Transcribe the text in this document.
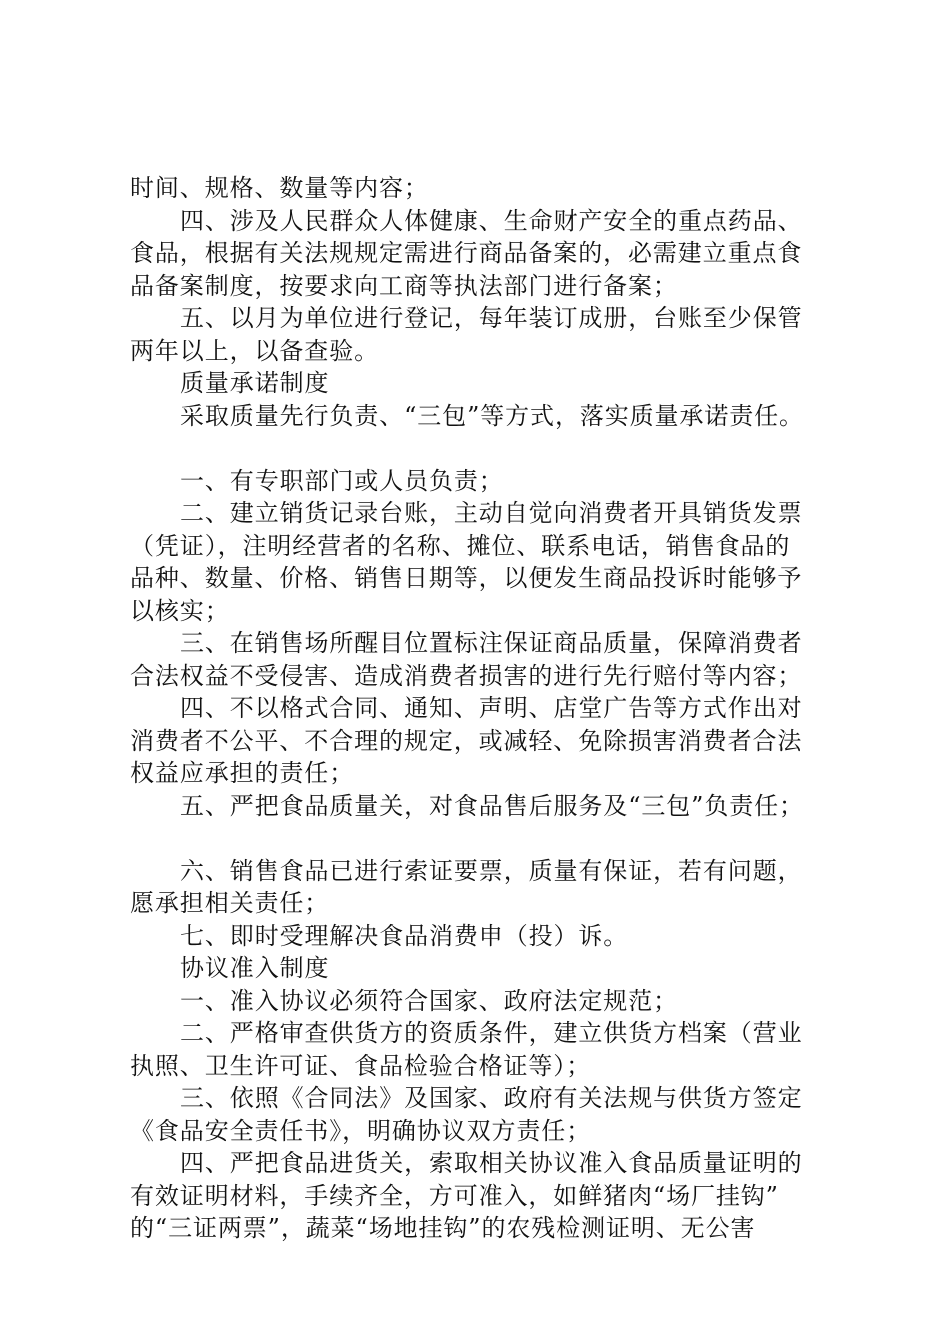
时间、规格、数量等内容；
四、涉及人民群众人体健康、生命财产安全的重点药品、
食品，根据有关法规规定需进行商品备案的，必需建立重点食
品备案制度，按要求向工商等执法部门进行备案；
五、以月为单位进行登记，每年装订成册，台账至少保管
两年以上，以备查验。
质量承诺制度
采取质量先行负责、“三包”等方式，落实质量承诺责任。
一、有专职部门或人员负责；
二、建立销货记录台账，主动自觉向消费者开具销货发票
（凭证），注明经营者的名称、摊位、联系电话，销售食品的
品种、数量、价格、销售日期等，以便发生商品投诉时能够予
以核实；
三、在销售场所醒目位置标注保证商品质量，保障消费者
合法权益不受侵害、造成消费者损害的进行先行赔付等内容；
四、不以格式合同、通知、声明、店堂广告等方式作出对
消费者不公平、不合理的规定，或减轻、免除损害消费者合法
权益应承担的责任；
五、严把食品质量关，对食品售后服务及“三包”负责任；
六、销售食品已进行索证要票，质量有保证，若有问题，
愿承担相关责任；
七、即时受理解决食品消费申（投）诉。
协议准入制度
一、准入协议必须符合国家、政府法定规范；
二、严格审查供货方的资质条件，建立供货方档案（营业
执照、卫生许可证、食品检验合格证等）；
三、依照《合同法》及国家、政府有关法规与供货方签定
《食品安全责任书》，明确协议双方责任；
四、严把食品进货关，索取相关协议准入食品质量证明的
有效证明材料，手续齐全，方可准入，如鲜猪肉“场厂挂钩”
的“三证两票”，蔬菜“场地挂钩”的农残检测证明、无公害
